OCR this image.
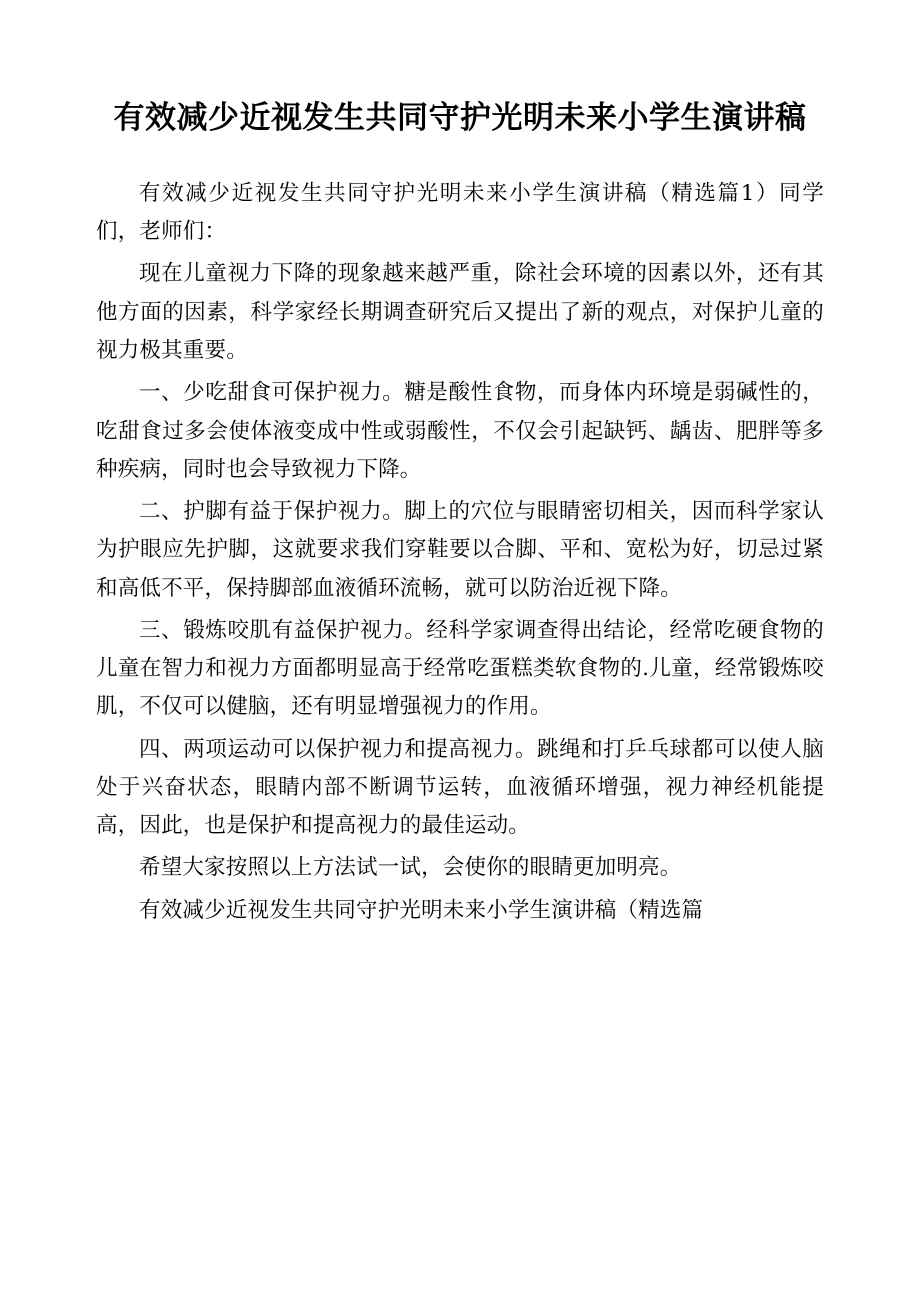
有效减少近视发生共同守护光明未来小学生演讲稿

有效减少近视发生共同守护光明未来小学生演讲稿（精选篇1）同学们，老师们：

现在儿童视力下降的现象越来越严重，除社会环境的因素以外，还有其他方面的因素，科学家经长期调查研究后又提出了新的观点，对保护儿童的视力极其重要。

一、少吃甜食可保护视力。糖是酸性食物，而身体内环境是弱碱性的，吃甜食过多会使体液变成中性或弱酸性，不仅会引起缺钙、龋齿、肥胖等多种疾病，同时也会导致视力下降。

二、护脚有益于保护视力。脚上的穴位与眼睛密切相关，因而科学家认为护眼应先护脚，这就要求我们穿鞋要以合脚、平和、宽松为好，切忌过紧和高低不平，保持脚部血液循环流畅，就可以防治近视下降。

三、锻炼咬肌有益保护视力。经科学家调查得出结论，经常吃硬食物的儿童在智力和视力方面都明显高于经常吃蛋糕类软食物的.儿童，经常锻炼咬肌，不仅可以健脑，还有明显增强视力的作用。

四、两项运动可以保护视力和提高视力。跳绳和打乒乓球都可以使人脑处于兴奋状态，眼睛内部不断调节运转，血液循环增强，视力神经机能提高，因此，也是保护和提高视力的最佳运动。

希望大家按照以上方法试一试，会使你的眼睛更加明亮。

有效减少近视发生共同守护光明未来小学生演讲稿（精选篇
